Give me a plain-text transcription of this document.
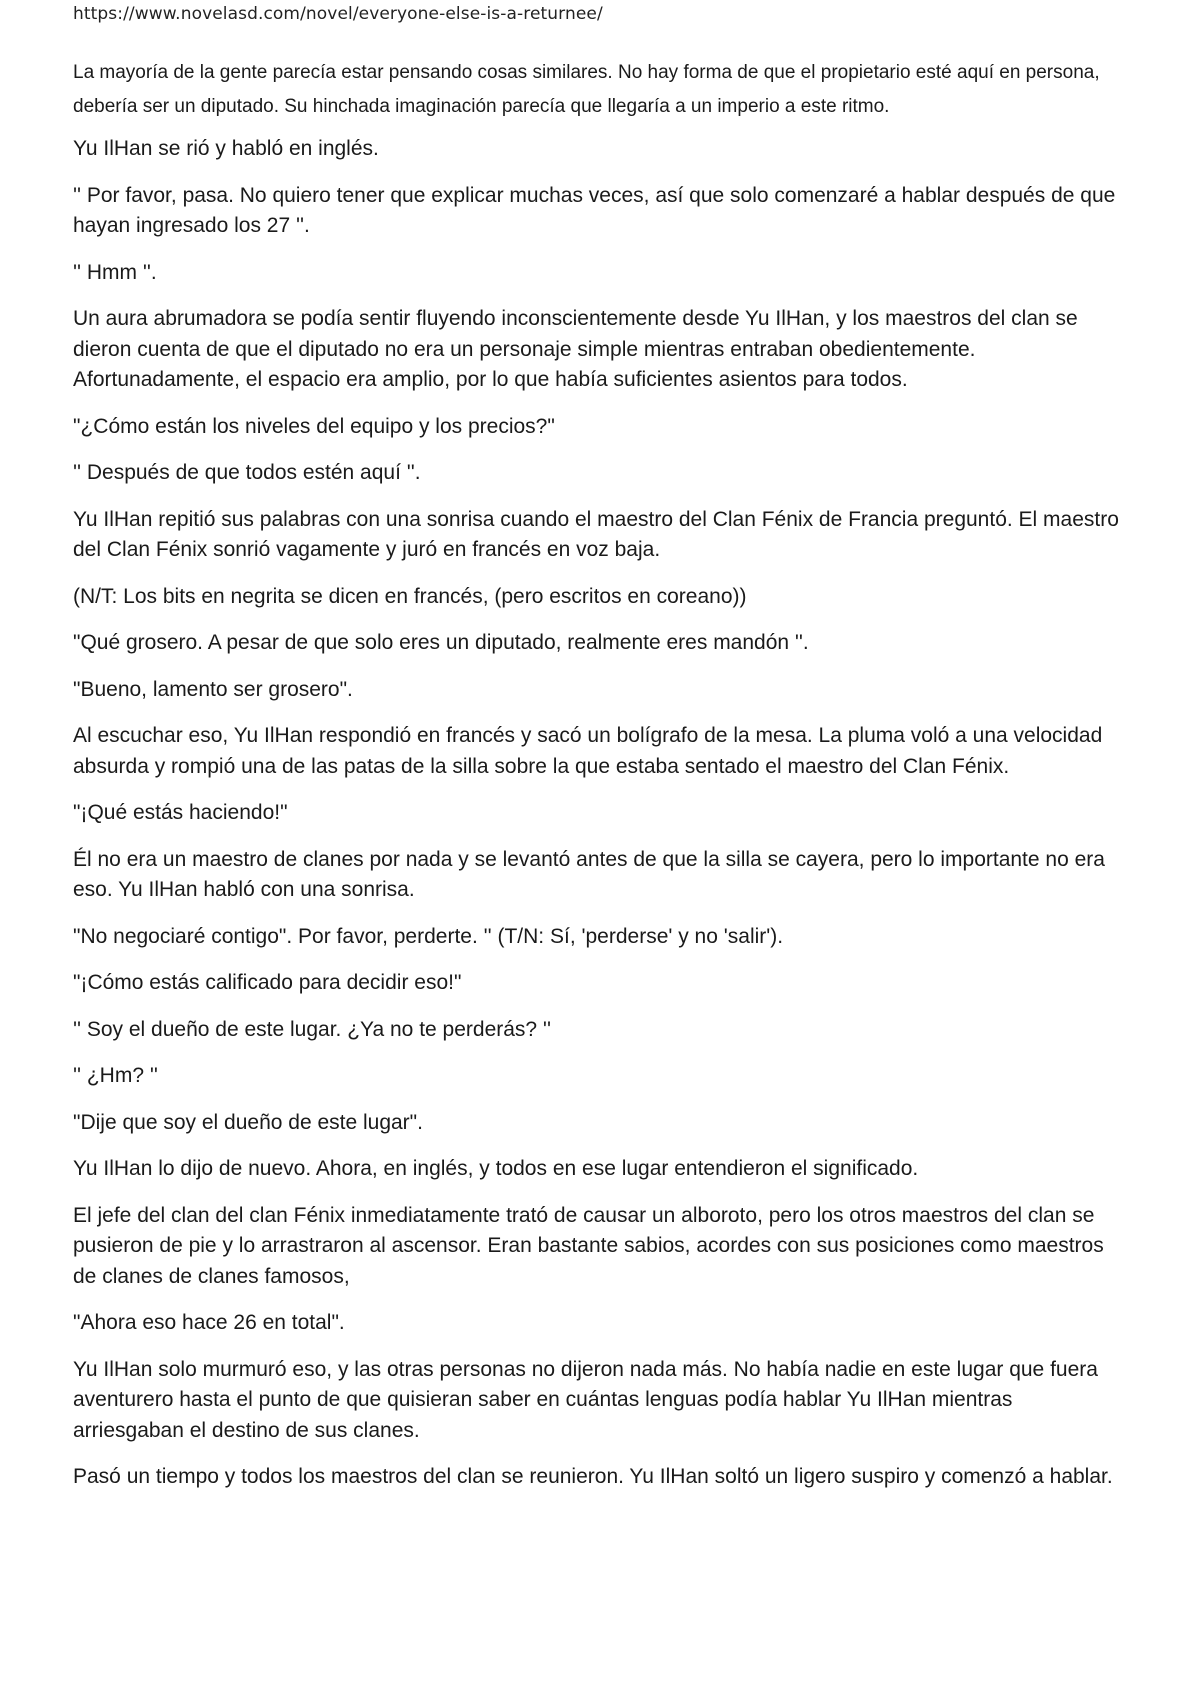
https://www.novelasd.com/novel/everyone-else-is-a-returnee/

La mayoría de la gente parecía estar pensando cosas similares. No hay forma de que el propietario esté aquí en persona, debería ser un diputado. Su hinchada imaginación parecía que llegaría a un imperio a este ritmo.

Yu IlHan se rió y habló en inglés.

'' Por favor, pasa. No quiero tener que explicar muchas veces, así que solo comenzaré a hablar después de que hayan ingresado los 27 ''.

'' Hmm ''.

Un aura abrumadora se podía sentir fluyendo inconscientemente desde Yu IlHan, y los maestros del clan se dieron cuenta de que el diputado no era un personaje simple mientras entraban obedientemente. Afortunadamente, el espacio era amplio, por lo que había suficientes asientos para todos.

"¿Cómo están los niveles del equipo y los precios?"

'' Después de que todos estén aquí ''.

Yu IlHan repitió sus palabras con una sonrisa cuando el maestro del Clan Fénix de Francia preguntó. El maestro del Clan Fénix sonrió vagamente y juró en francés en voz baja.

(N/T: Los bits en negrita se dicen en francés, (pero escritos en coreano))

"Qué grosero. A pesar de que solo eres un diputado, realmente eres mandón ''.

"Bueno, lamento ser grosero".

Al escuchar eso, Yu IlHan respondió en francés y sacó un bolígrafo de la mesa. La pluma voló a una velocidad absurda y rompió una de las patas de la silla sobre la que estaba sentado el maestro del Clan Fénix.

"¡Qué estás haciendo!"

Él no era un maestro de clanes por nada y se levantó antes de que la silla se cayera, pero lo importante no era eso. Yu IlHan habló con una sonrisa.

"No negociaré contigo". Por favor, perderte. '' (T/N: Sí, 'perderse' y no 'salir').

"¡Cómo estás calificado para decidir eso!"

'' Soy el dueño de este lugar. ¿Ya no te perderás? ''

'' ¿Hm? ''

"Dije que soy el dueño de este lugar".

Yu IlHan lo dijo de nuevo. Ahora, en inglés, y todos en ese lugar entendieron el significado.

El jefe del clan del clan Fénix inmediatamente trató de causar un alboroto, pero los otros maestros del clan se pusieron de pie y lo arrastraron al ascensor. Eran bastante sabios, acordes con sus posiciones como maestros de clanes de clanes famosos,

"Ahora eso hace 26 en total".

Yu IlHan solo murmuró eso, y las otras personas no dijeron nada más. No había nadie en este lugar que fuera aventurero hasta el punto de que quisieran saber en cuántas lenguas podía hablar Yu IlHan mientras arriesgaban el destino de sus clanes.

Pasó un tiempo y todos los maestros del clan se reunieron. Yu IlHan soltó un ligero suspiro y comenzó a hablar.
